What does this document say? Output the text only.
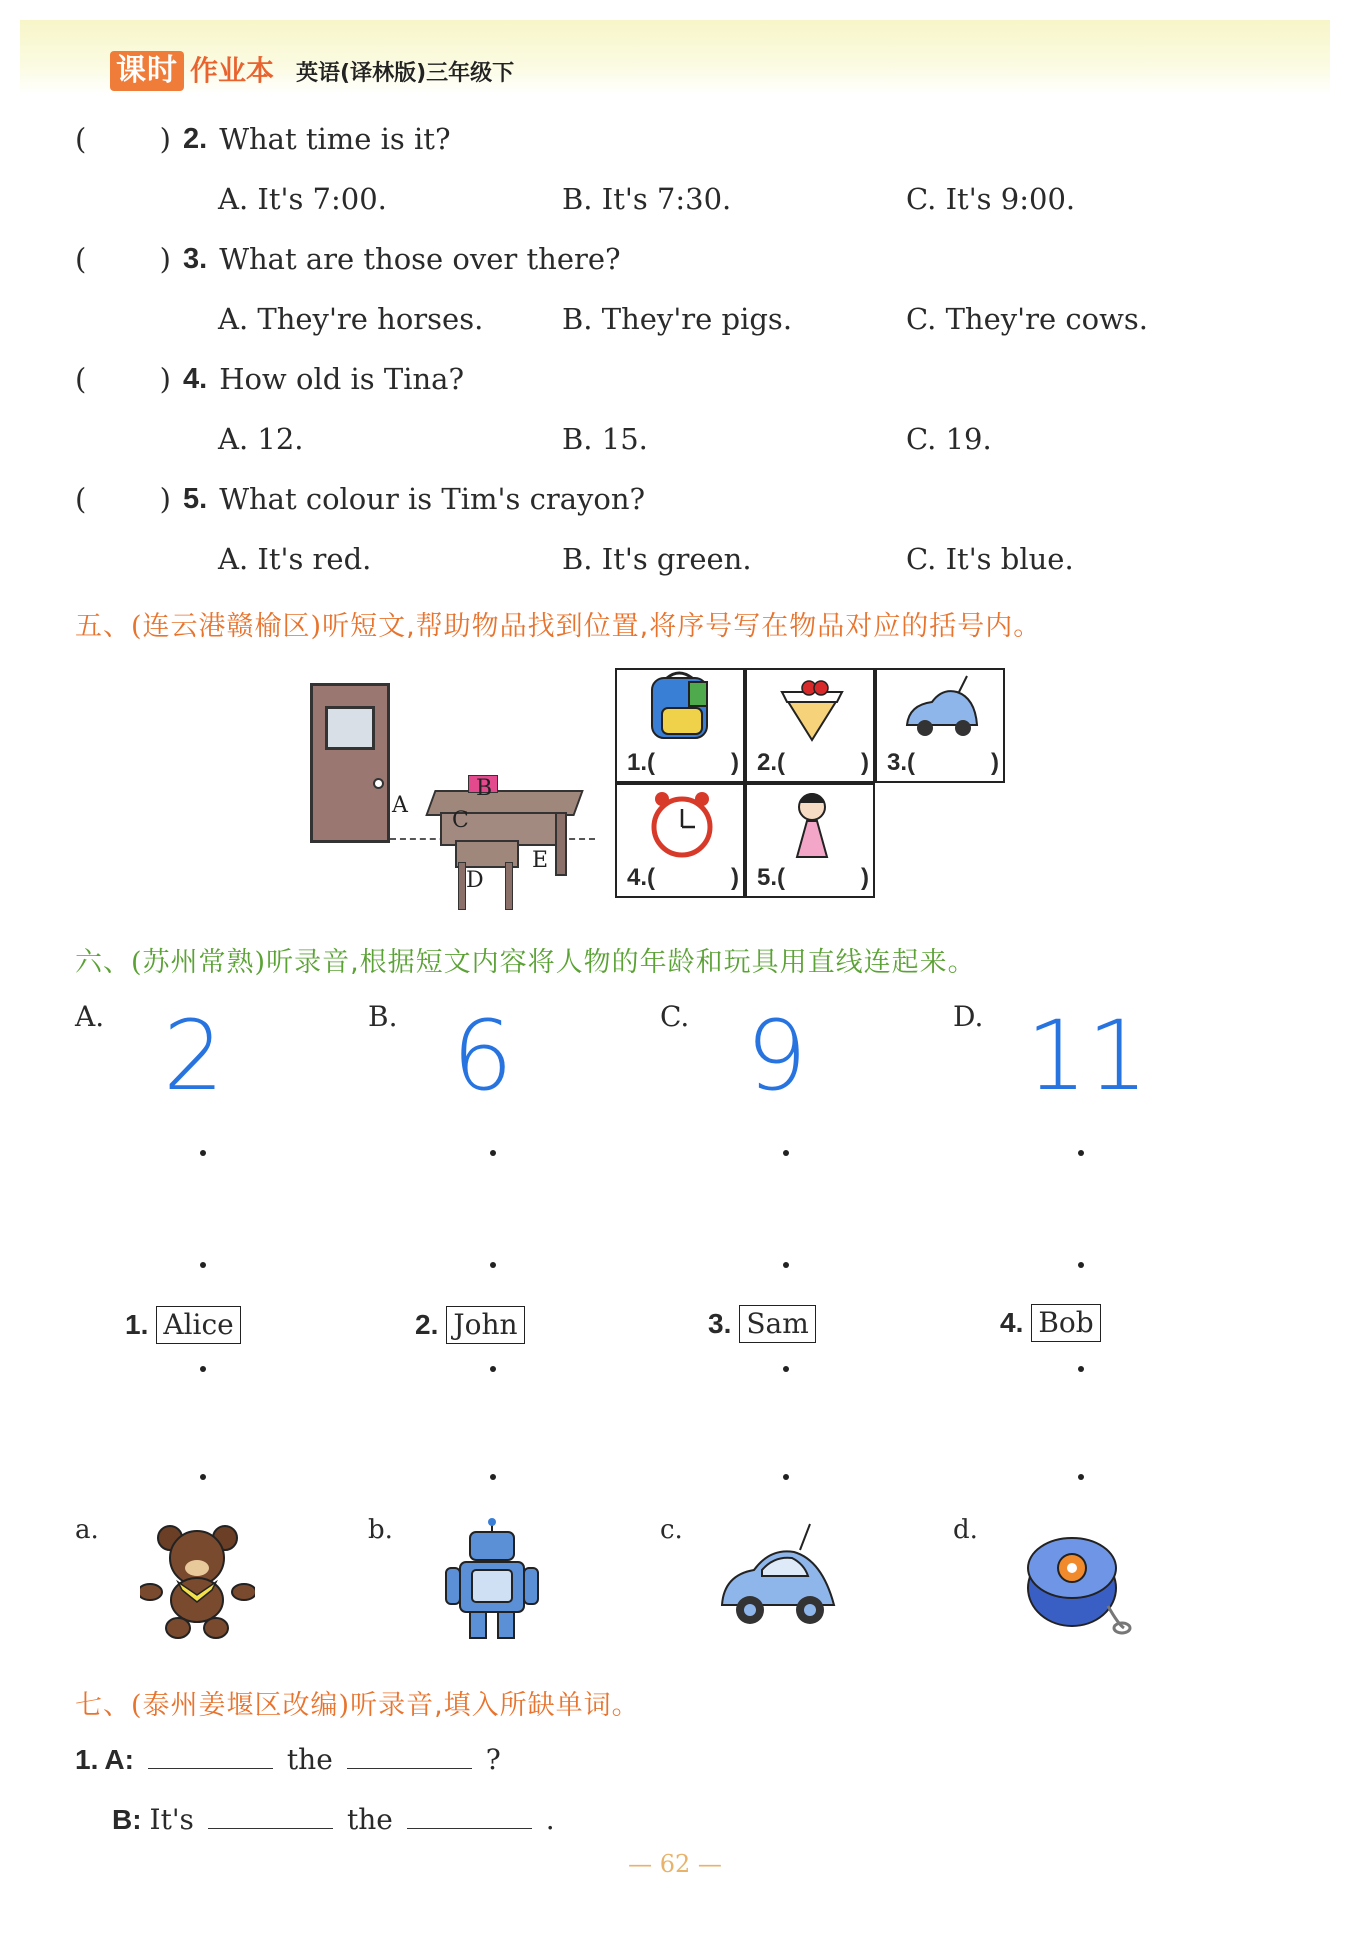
课时 作业本 英语(译林版)三年级下
(	) 2. What time is it?
A. It's 7:00.	B. It's 7:30.	C. It's 9:00.
(	) 3. What are those over there?
A. They're horses.	B. They're pigs.	C. They're cows.
(	) 4. How old is Tina?
A. 12.	B. 15.	C. 19.
(	) 5. What colour is Tim's crayon?
A. It's red.	B. It's green.	C. It's blue.
五、(连云港赣榆区)听短文,帮助物品找到位置,将序号写在物品对应的括号内。
A
B
C
D
E
1.(	) 2.(	) 3.(	)
4.(	) 5.(	)
六、(苏州常熟)听录音,根据短文内容将人物的年龄和玩具用直线连起来。
A.	B.	C.	D.
2 6 9 11
1. Alice	2. John	3. Sam	4. Bob
a.	b.	c.	d.
七、(泰州姜堰区改编)听录音,填入所缺单词。
1. A:	the	?
B: It's	the	.
— 62 —
